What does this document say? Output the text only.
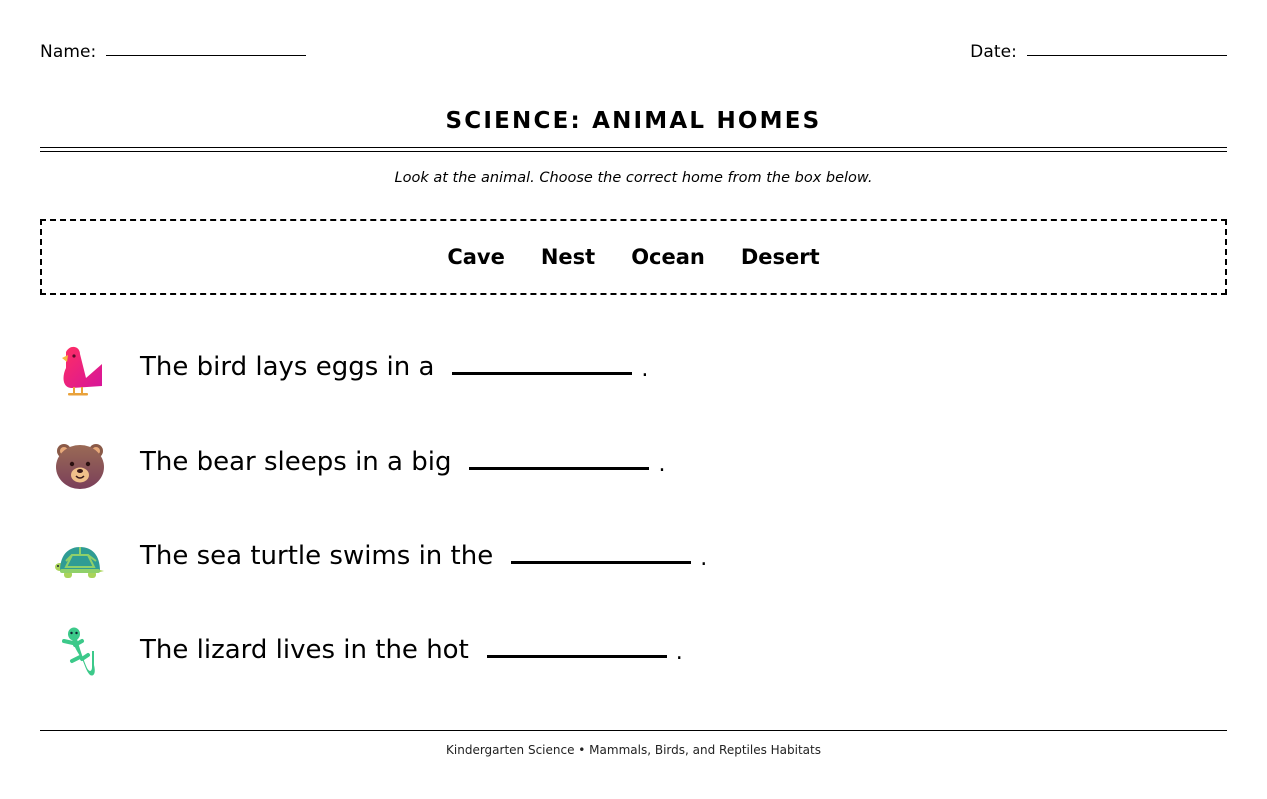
Name:	Date:
SCIENCE: ANIMAL HOMES
Look at the animal. Choose the correct home from the box below.
Cave Nest Ocean Desert
The bird lays eggs in a	.
The bear sleeps in a big	.
The sea turtle swims in the	.
The lizard lives in the hot	.
Kindergarten Science • Mammals, Birds, and Reptiles Habitats
